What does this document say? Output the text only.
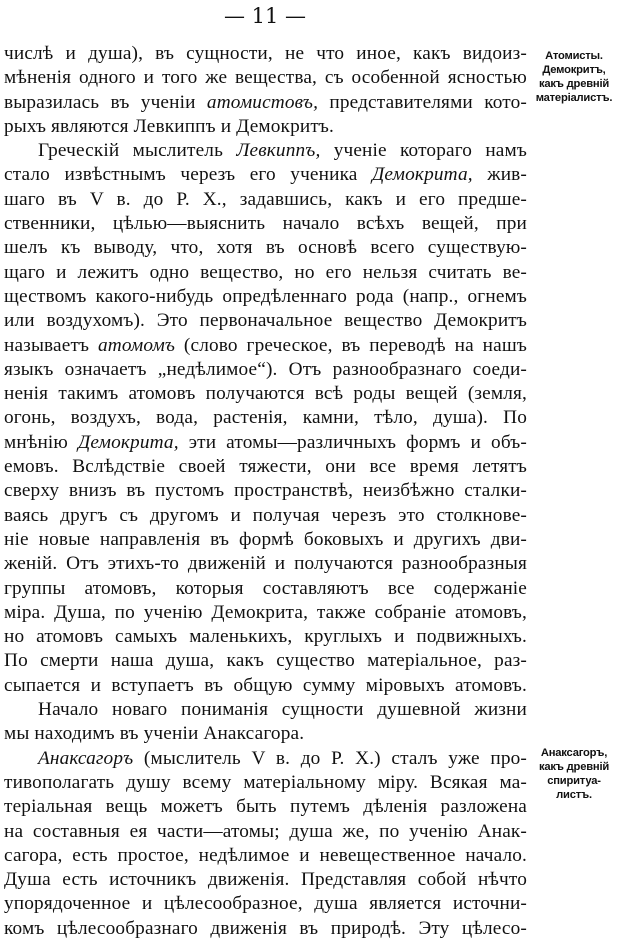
— 11 —
числѣ и душа), въ сущности, не что иное, какъ видоиз-
мѣненія одного и того же вещества, съ особенной ясностью
выразилась въ ученіи атомистовъ, представителями кото-
рыхъ являются Левкиппъ и Демокритъ.
Греческій мыслитель Левкиппъ, ученіе котораго намъ
стало извѣстнымъ черезъ его ученика Демокрита, жив-
шаго въ V в. до Р. Х., задавшись, какъ и его предше-
ственники, цѣлью—выяснить начало всѣхъ вещей, при
шелъ къ выводу, что, хотя въ основѣ всего существую-
щаго и лежитъ одно вещество, но его нельзя считать ве-
ществомъ какого-нибудь опредѣленнаго рода (напр., огнемъ
или воздухомъ). Это первоначальное вещество Демокритъ
называетъ атомомъ (слово греческое, въ переводѣ на нашъ
языкъ означаетъ „недѣлимое“). Отъ разнообразнаго соеди-
ненія такимъ атомовъ получаются всѣ роды вещей (земля,
огонь, воздухъ, вода, растенія, камни, тѣло, душа). По
мнѣнію Демокрита, эти атомы—различныхъ формъ и объ-
емовъ. Вслѣдствіе своей тяжести, они все время летятъ
сверху внизъ въ пустомъ пространствѣ, неизбѣжно сталки-
ваясь другъ съ другомъ и получая черезъ это столкнове-
ніе новые направленія въ формѣ боковыхъ и другихъ дви-
женій. Отъ этихъ-то движеній и получаются разнообразныя
группы атомовъ, которыя составляютъ все содержаніе
міра. Душа, по ученію Демокрита, также собраніе атомовъ,
но атомовъ самыхъ маленькихъ, круглыхъ и подвижныхъ.
По смерти наша душа, какъ существо матеріальное, раз-
сыпается и вступаетъ въ общую сумму міровыхъ атомовъ.
Начало новаго пониманія сущности душевной жизни
мы находимъ въ ученіи Анаксагора.
Анаксагоръ (мыслитель V в. до Р. Х.) сталъ уже про-
тивополагать душу всему матеріальному міру. Всякая ма-
теріальная вещь можетъ быть путемъ дѣленія разложена
на составныя ея части—атомы; душа же, по ученію Анак-
сагора, есть простое, недѣлимое и невещественное начало.
Душа есть источникъ движенія. Представляя собой нѣчто
упорядоченное и цѣлесообразное, душа является источни-
комъ цѣлесообразнаго движенія въ природѣ. Эту цѣлесо-
Атомисты.
Демокритъ,
какъ древній
матеріалистъ.
Анаксагоръ,
какъ древній
спиритуа-
листъ.
